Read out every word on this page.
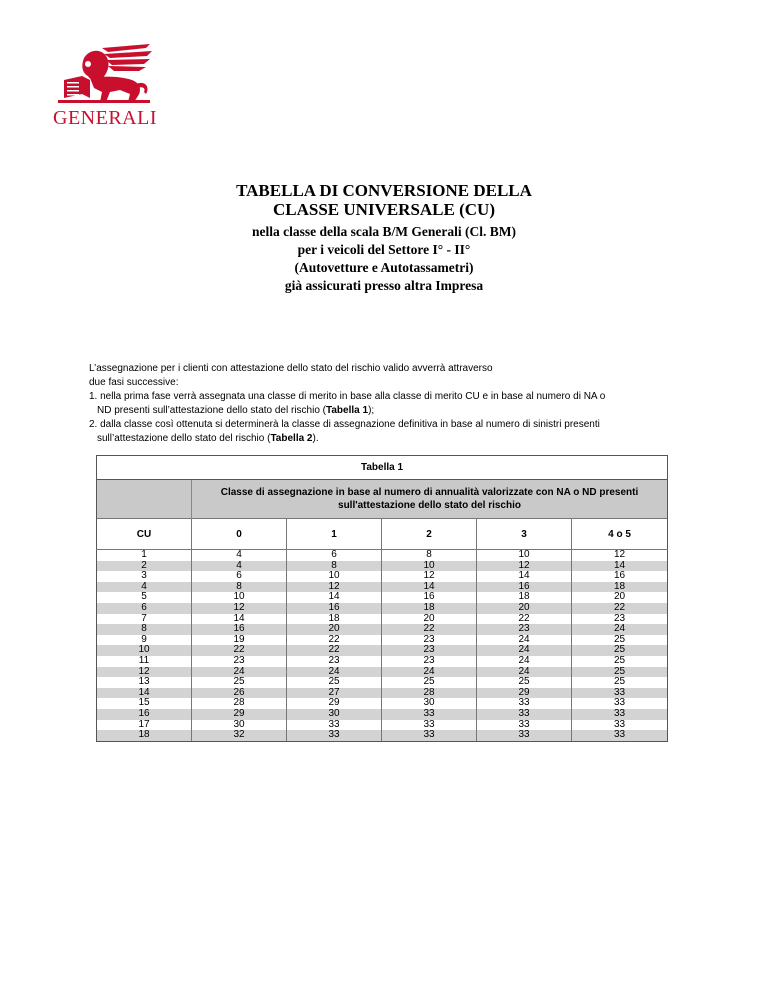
GENERALI
TABELLA DI CONVERSIONE DELLA
CLASSE UNIVERSALE (CU)
nella classe della scala B/M Generali (Cl. BM)
per i veicoli del Settore I° - II°
(Autovetture e Autotassametri)
già assicurati presso altra Impresa

L’assegnazione per i clienti con attestazione dello stato del rischio valido avverrà attraverso

due fasi successive:

1. nella prima fase verrà assegnata una classe di merito in base alla classe di merito CU e in base al numero di NA o

ND presenti sull’attestazione dello stato del rischio (Tabella 1);

2. dalla classe così ottenuta si determinerà la classe di assegnazione definitiva in base al numero di sinistri presenti

sull’attestazione dello stato del rischio (Tabella 2).

Tabella 1					
	Classe di assegnazione in base al numero di annualità valorizzate con NA o ND presenti sull'attestazione dello stato del rischio				
CU	0	1	2	3	4 o 5
1	4	6	8	10	12
2	4	8	10	12	14
3	6	10	12	14	16
4	8	12	14	16	18
5	10	14	16	18	20
6	12	16	18	20	22
7	14	18	20	22	23
8	16	20	22	23	24
9	19	22	23	24	25
10	22	22	23	24	25
11	23	23	23	24	25
12	24	24	24	24	25
13	25	25	25	25	25
14	26	27	28	29	33
15	28	29	30	33	33
16	29	30	33	33	33
17	30	33	33	33	33
18	32	33	33	33	33
